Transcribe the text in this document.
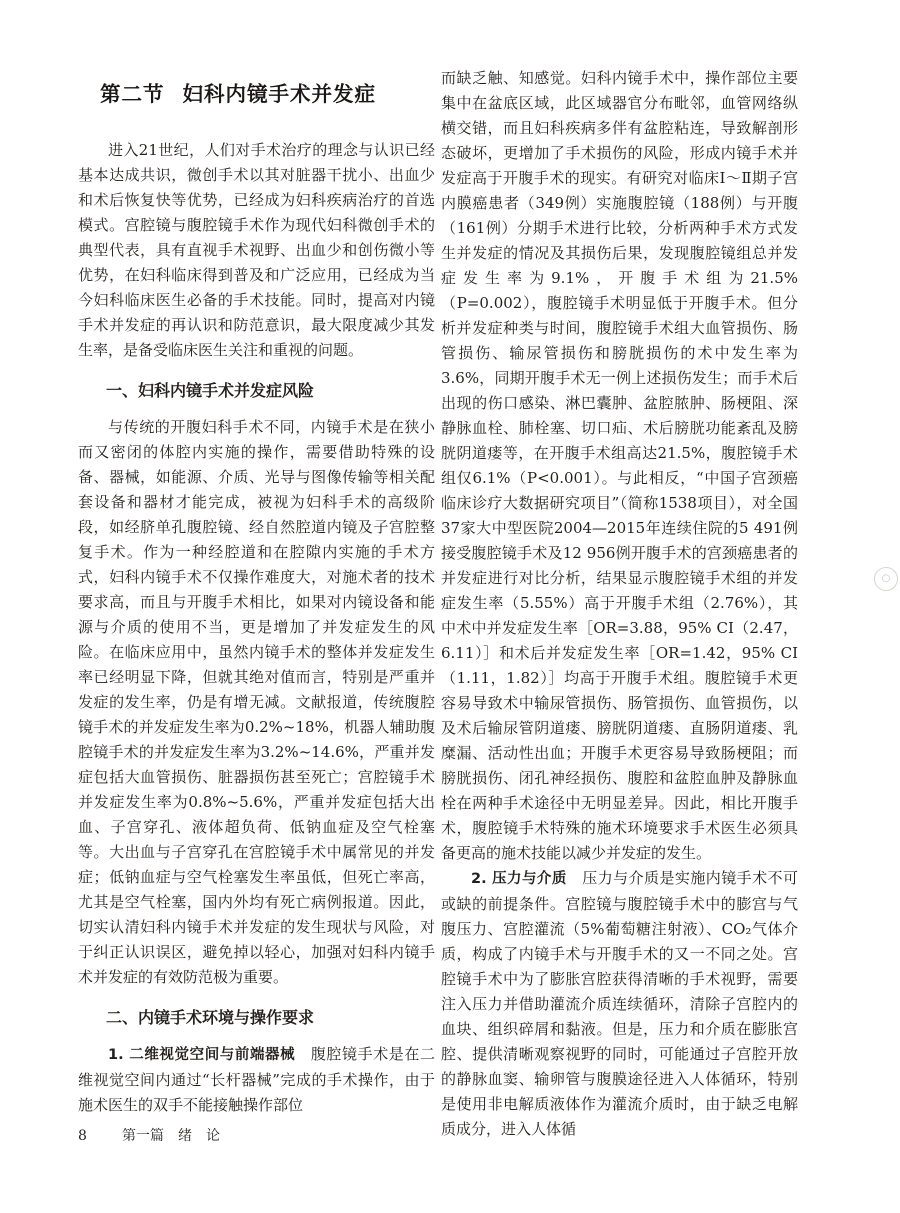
第二节 妇科内镜手术并发症

进入21世纪，人们对手术治疗的理念与认识已经基本达成共识，微创手术以其对脏器干扰小、出血少和术后恢复快等优势，已经成为妇科疾病治疗的首选模式。宫腔镜与腹腔镜手术作为现代妇科微创手术的典型代表，具有直视手术视野、出血少和创伤微小等优势，在妇科临床得到普及和广泛应用，已经成为当今妇科临床医生必备的手术技能。同时，提高对内镜手术并发症的再认识和防范意识，最大限度减少其发生率，是备受临床医生关注和重视的问题。

一、妇科内镜手术并发症风险

与传统的开腹妇科手术不同，内镜手术是在狭小而又密闭的体腔内实施的操作，需要借助特殊的设备、器械，如能源、介质、光导与图像传输等相关配套设备和器材才能完成，被视为妇科手术的高级阶段，如经脐单孔腹腔镜、经自然腔道内镜及子宫腔整复手术。作为一种经腔道和在腔隙内实施的手术方式，妇科内镜手术不仅操作难度大，对施术者的技术要求高，而且与开腹手术相比，如果对内镜设备和能源与介质的使用不当，更是增加了并发症发生的风险。在临床应用中，虽然内镜手术的整体并发症发生率已经明显下降，但就其绝对值而言，特别是严重并发症的发生率，仍是有增无减。文献报道，传统腹腔镜手术的并发症发生率为0.2%~18%，机器人辅助腹腔镜手术的并发症发生率为3.2%~14.6%，严重并发症包括大血管损伤、脏器损伤甚至死亡；宫腔镜手术并发症发生率为0.8%~5.6%，严重并发症包括大出血、子宫穿孔、液体超负荷、低钠血症及空气栓塞等。大出血与子宫穿孔在宫腔镜手术中属常见的并发症；低钠血症与空气栓塞发生率虽低，但死亡率高，尤其是空气栓塞，国内外均有死亡病例报道。因此，切实认清妇科内镜手术并发症的发生现状与风险，对于纠正认识误区，避免掉以轻心，加强对妇科内镜手术并发症的有效防范极为重要。

二、内镜手术环境与操作要求

1. 二维视觉空间与前端器械　 腹腔镜手术是在二维视觉空间内通过“长杆器械”完成的手术操作，由于施术医生的双手不能接触操作部位

而缺乏触、知感觉。妇科内镜手术中，操作部位主要集中在盆底区域，此区域器官分布毗邻，血管网络纵横交错，而且妇科疾病多伴有盆腔粘连，导致解剖形态破坏，更增加了手术损伤的风险，形成内镜手术并发症高于开腹手术的现实。有研究对临床Ⅰ～Ⅱ期子宫内膜癌患者（349例）实施腹腔镜（188例）与开腹（161例）分期手术进行比较，分析两种手术方式发生并发症的情况及其损伤后果，发现腹腔镜组总并发症发生率为9.1%，开腹手术组为21.5%（P=0.002），腹腔镜手术明显低于开腹手术。但分析并发症种类与时间，腹腔镜手术组大血管损伤、肠管损伤、输尿管损伤和膀胱损伤的术中发生率为3.6%，同期开腹手术无一例上述损伤发生；而手术后出现的伤口感染、淋巴囊肿、盆腔脓肿、肠梗阻、深静脉血栓、肺栓塞、切口疝、术后膀胱功能紊乱及膀胱阴道瘘等，在开腹手术组高达21.5%，腹腔镜手术组仅6.1%（P<0.001）。与此相反，“中国子宫颈癌临床诊疗大数据研究项目”（简称1538项目），对全国37家大中型医院2004—2015年连续住院的5 491例接受腹腔镜手术及12 956例开腹手术的宫颈癌患者的并发症进行对比分析，结果显示腹腔镜手术组的并发症发生率（5.55%）高于开腹手术组（2.76%），其中术中并发症发生率［OR=3.88，95% CI（2.47，6.11）］和术后并发症发生率［OR=1.42，95% CI（1.11，1.82）］均高于开腹手术组。腹腔镜手术更容易导致术中输尿管损伤、肠管损伤、血管损伤，以及术后输尿管阴道瘘、膀胱阴道瘘、直肠阴道瘘、乳糜漏、活动性出血；开腹手术更容易导致肠梗阻；而膀胱损伤、闭孔神经损伤、腹腔和盆腔血肿及静脉血栓在两种手术途径中无明显差异。因此，相比开腹手术，腹腔镜手术特殊的施术环境要求手术医生必须具备更高的施术技能以减少并发症的发生。

2. 压力与介质　 压力与介质是实施内镜手术不可或缺的前提条件。宫腔镜与腹腔镜手术中的膨宫与气腹压力、宫腔灌流（5%葡萄糖注射液）、CO₂气体介质，构成了内镜手术与开腹手术的又一不同之处。宫腔镜手术中为了膨胀宫腔获得清晰的手术视野，需要注入压力并借助灌流介质连续循环，清除子宫腔内的血块、组织碎屑和黏液。但是，压力和介质在膨胀宫腔、提供清晰观察视野的同时，可能通过子宫腔开放的静脉血窦、输卵管与腹膜途径进入人体循环，特别是使用非电解质液体作为灌流介质时，由于缺乏电解质成分，进入人体循

8	第一篇　 绪　论
○
